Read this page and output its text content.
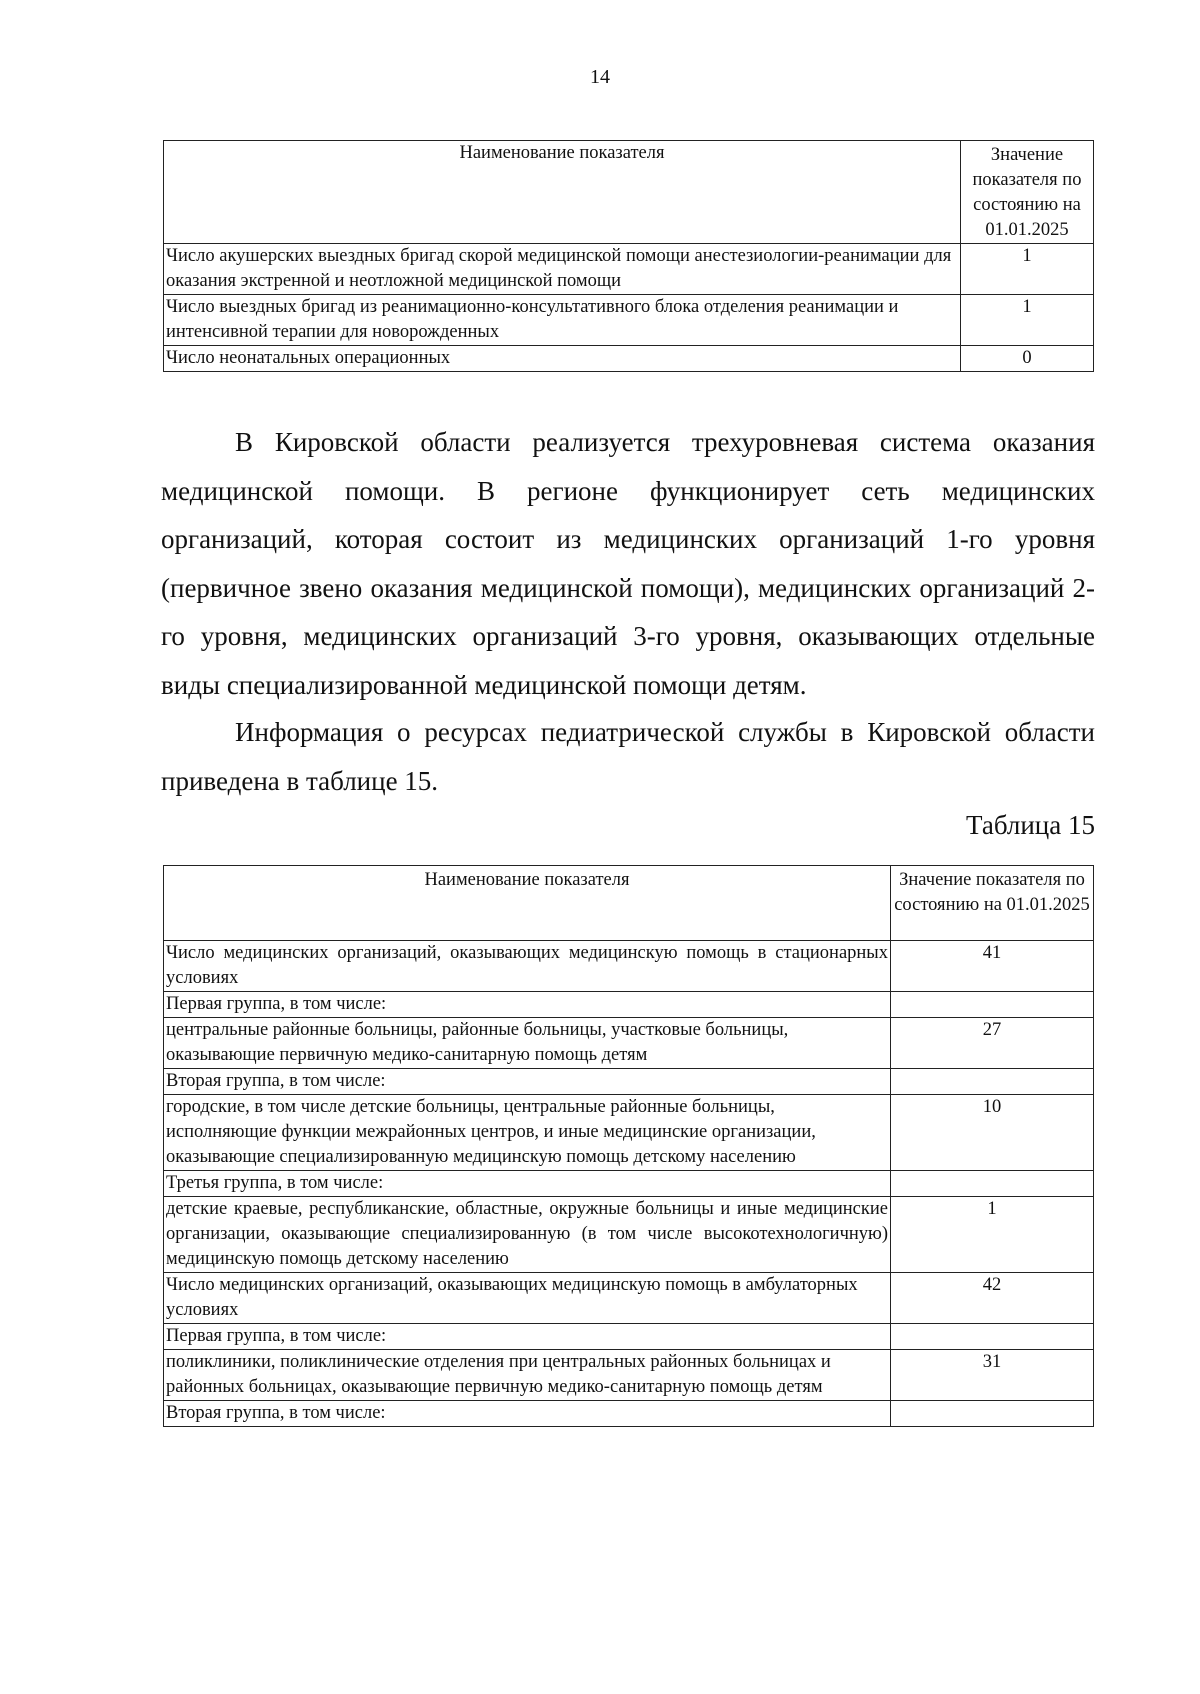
14
Наименование показателя	Значение показателя по состоянию на 01.01.2025
Число акушерских выездных бригад скорой медицинской помощи анестезиологии-реанимации для оказания экстренной и неотложной медицинской помощи	1
Число выездных бригад из реанимационно-консультативного блока отделения реанимации и интенсивной терапии для новорожденных	1
Число неонатальных операционных	0

В Кировской области реализуется трехуровневая система оказания медицинской помощи. В регионе функционирует сеть медицинских организаций, которая состоит из медицинских организаций 1-го уровня (первичное звено оказания медицинской помощи), медицинских организаций 2-го уровня, медицинских организаций 3-го уровня, оказывающих отдельные виды специализированной медицинской помощи детям.

Информация о ресурсах педиатрической службы в Кировской области приведена в таблице 15.

Таблица 15
Наименование показателя	Значение показателя по состоянию на 01.01.2025
Число медицинских организаций, оказывающих медицинскую помощь в стационарных условиях	41
Первая группа, в том числе:	
центральные районные больницы, районные больницы, участковые больницы, оказывающие первичную медико-санитарную помощь детям	27
Вторая группа, в том числе:	
городские, в том числе детские больницы, центральные районные больницы, исполняющие функции межрайонных центров, и иные медицинские организации, оказывающие специализированную медицинскую помощь детскому населению	10
Третья группа, в том числе:	
детские краевые, республиканские, областные, окружные больницы и иные медицинские организации, оказывающие специализированную (в том числе высокотехнологичную) медицинскую помощь детскому населению	1
Число медицинских организаций, оказывающих медицинскую помощь в амбулаторных условиях	42
Первая группа, в том числе:	
поликлиники, поликлинические отделения при центральных районных больницах и районных больницах, оказывающие первичную медико-санитарную помощь детям	31
Вторая группа, в том числе:	
